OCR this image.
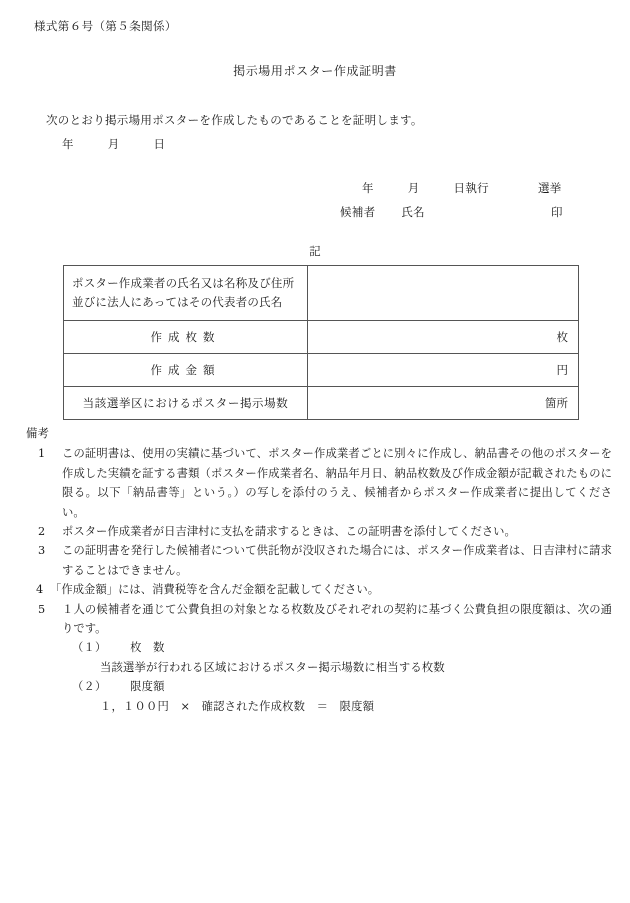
様式第６号（第５条関係）
掲示場用ポスター作成証明書
次のとおり掲示場用ポスターを作成したものであることを証明します。
年	月	日
年	月	日執行	選挙
候補者 氏名	印
記
ポスター作成業者の氏名又は名称及び住所
並びに法人にあってはその代表者の氏名	

作成枚数	枚
作成金額	円
当該選挙区におけるポスター掲示場数	箇所
備考
1	この証明書は、使用の実績に基づいて、ポスター作成業者ごとに別々に作成し、納品書その他のポスターを作成した実績を証する書類（ポスター作成業者名、納品年月日、納品枚数及び作成金額が記載されたものに限る。以下「納品書等」という。）の写しを添付のうえ、候補者からポスター作成業者に提出してください。
2	ポスター作成業者が日吉津村に支払を請求するときは、この証明書を添付してください。
3	この証明書を発行した候補者について供託物が没収された場合には、ポスター作成業者は、日吉津村に請求することはできません。
4 「作成金額」には、消費税等を含んだ金額を記載してください。
5	１人の候補者を通じて公費負担の対象となる枚数及びそれぞれの契約に基づく公費負担の限度額は、次の通りです。
（１） 枚　数
当該選挙が行われる区域におけるポスター掲示場数に相当する枚数
（２） 限度額
１，１００円　×　確認された作成枚数　＝　限度額
